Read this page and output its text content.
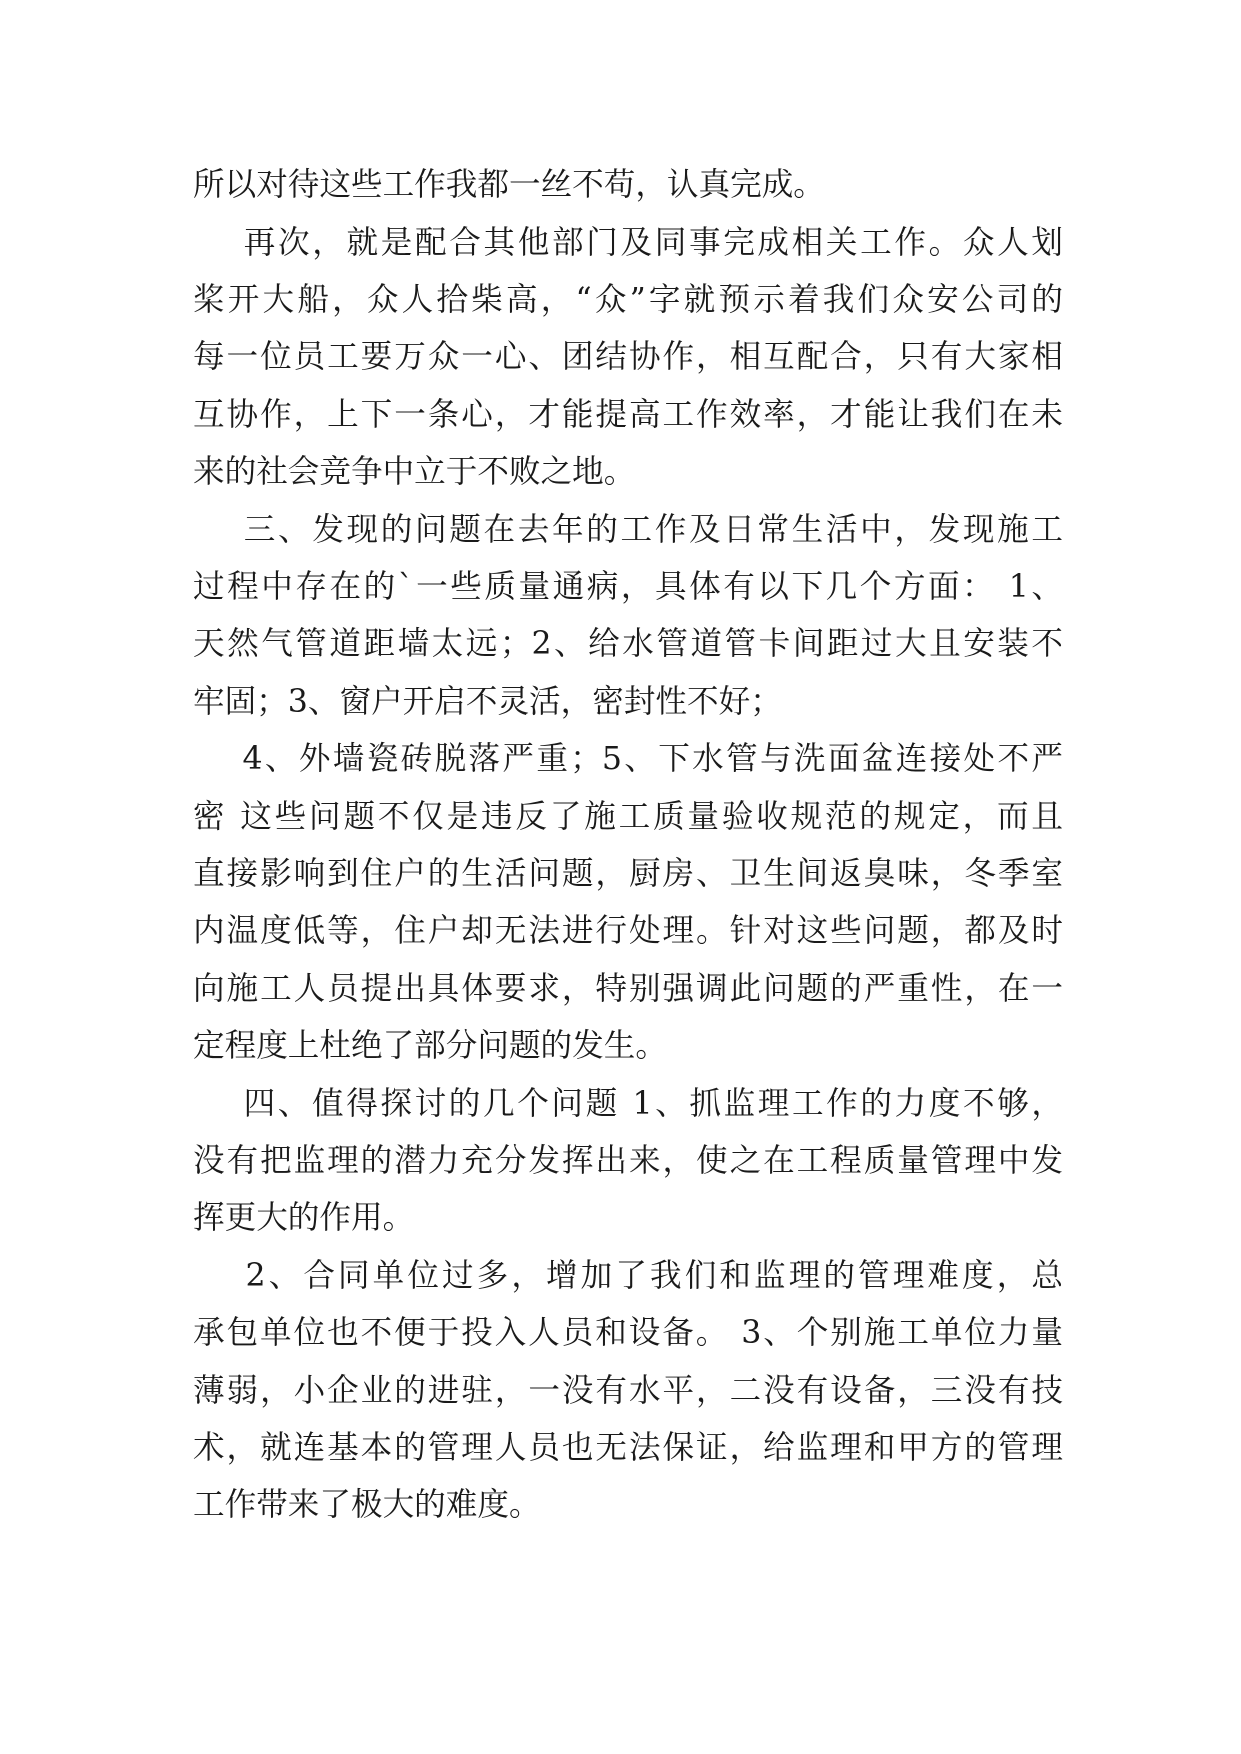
所以对待这些工作我都一丝不苟，认真完成。
再次，就是配合其他部门及同事完成相关工作。众人划
桨开大船，众人拾柴高，“众”字就预示着我们众安公司的
每一位员工要万众一心、团结协作，相互配合，只有大家相
互协作，上下一条心，才能提高工作效率，才能让我们在未
来的社会竞争中立于不败之地。
三、发现的问题在去年的工作及日常生活中，发现施工
过程中存在的`一些质量通病，具体有以下几个方面： 1、
天然气管道距墙太远；2、给水管道管卡间距过大且安装不
牢固；3、窗户开启不灵活，密封性不好；
4、外墙瓷砖脱落严重；5、下水管与洗面盆连接处不严
密 这些问题不仅是违反了施工质量验收规范的规定，而且
直接影响到住户的生活问题，厨房、卫生间返臭味，冬季室
内温度低等，住户却无法进行处理。针对这些问题，都及时
向施工人员提出具体要求，特别强调此问题的严重性，在一
定程度上杜绝了部分问题的发生。
四、值得探讨的几个问题 1、抓监理工作的力度不够，
没有把监理的潜力充分发挥出来，使之在工程质量管理中发
挥更大的作用。
2、合同单位过多，增加了我们和监理的管理难度，总
承包单位也不便于投入人员和设备。 3、个别施工单位力量
薄弱，小企业的进驻，一没有水平，二没有设备，三没有技
术，就连基本的管理人员也无法保证，给监理和甲方的管理
工作带来了极大的难度。
